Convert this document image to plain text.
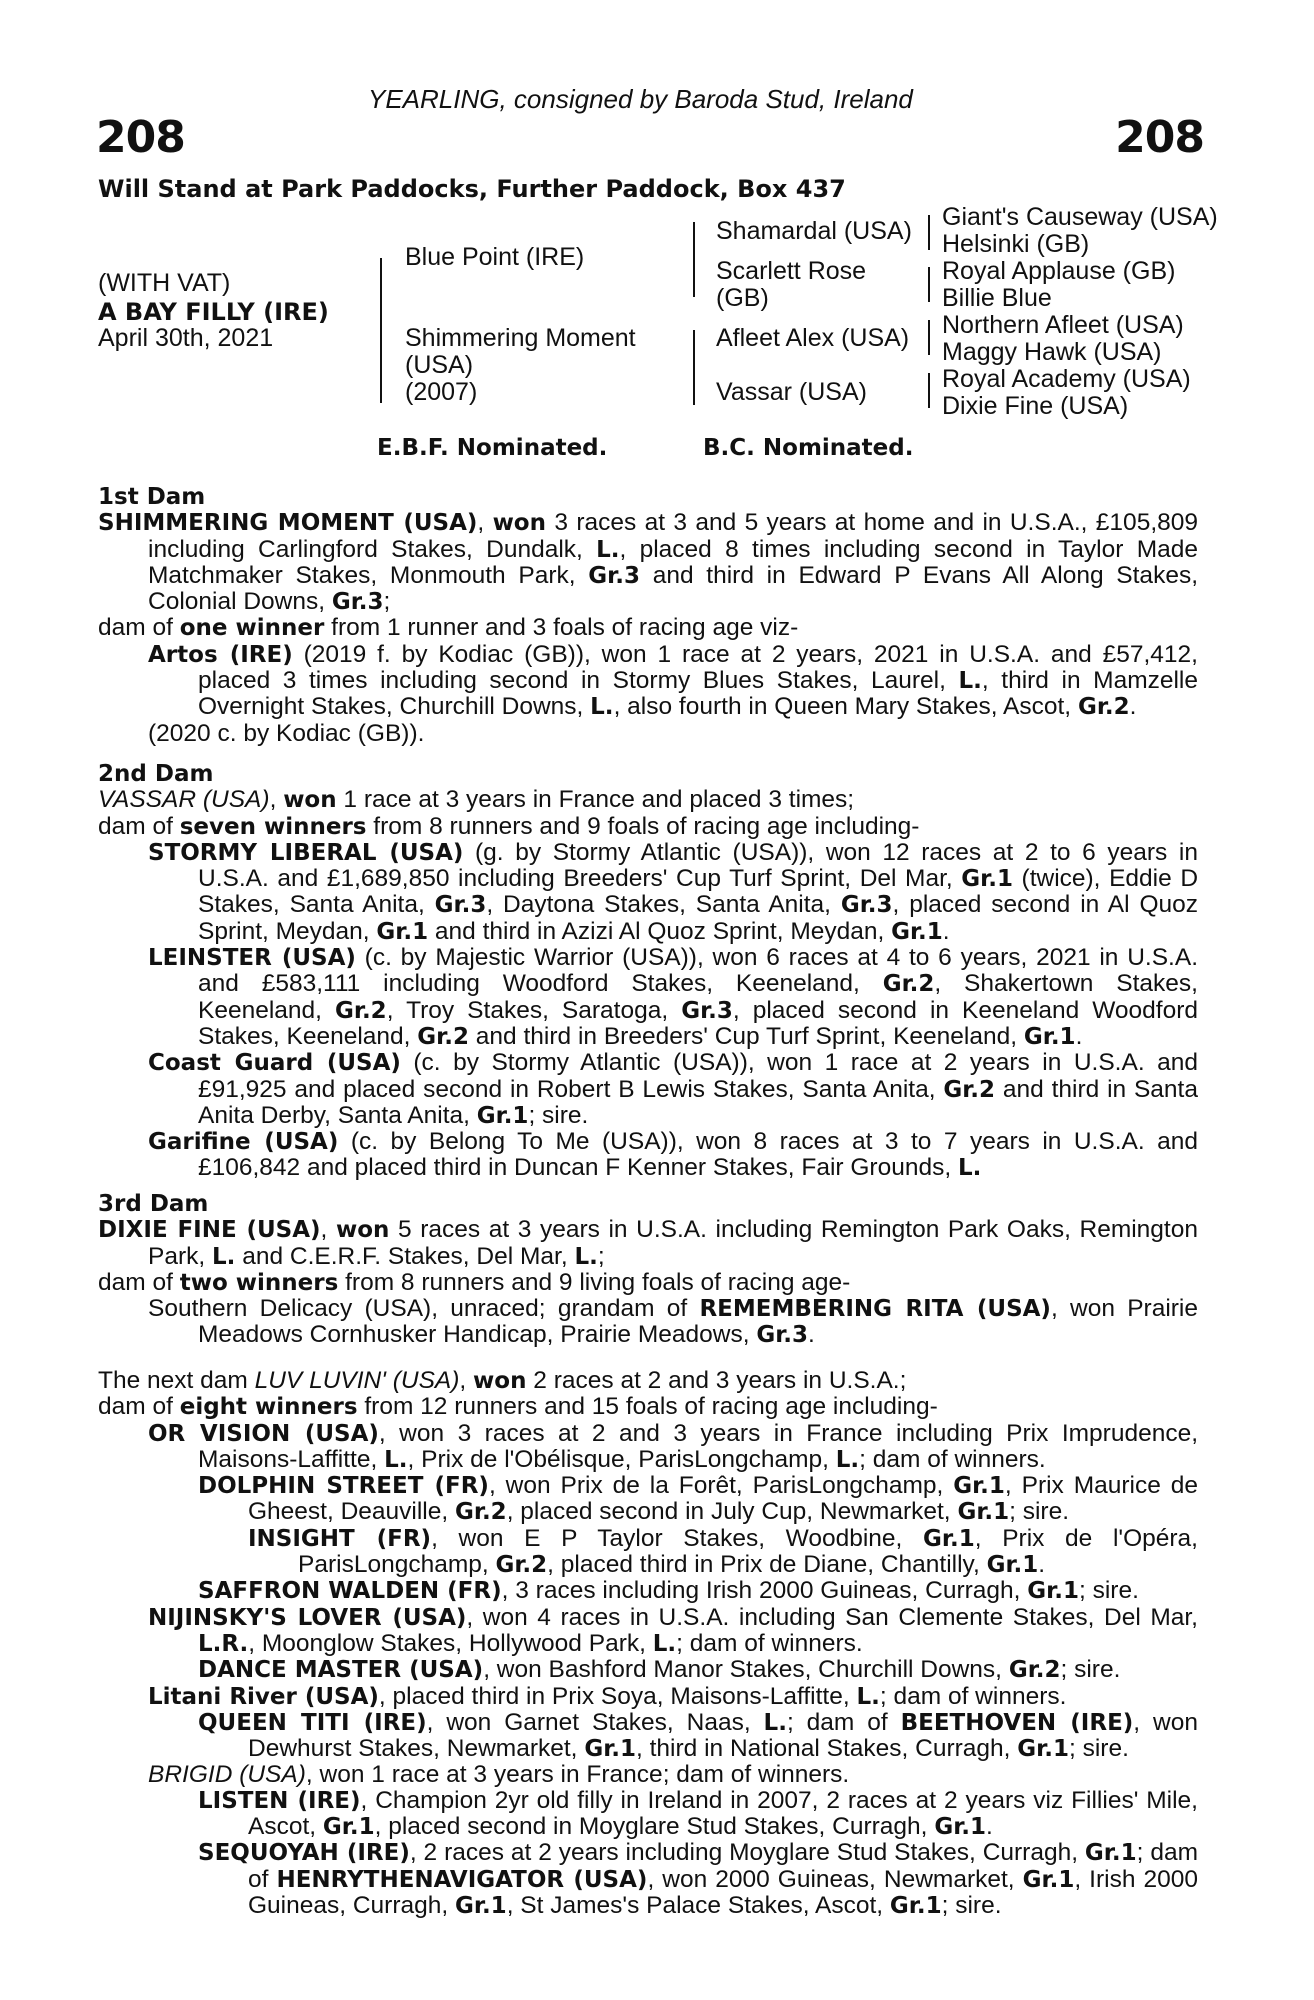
YEARLING, consigned by Baroda Stud, Ireland
208	208
Will Stand at Park Paddocks, Further Paddock, Box 437
(WITH VAT)
A BAY FILLY (IRE)
April 30th, 2021
Blue Point (IRE)
Shimmering Moment
(USA)
(2007)
Shamardal (USA)
Scarlett Rose
(GB)
Afleet Alex (USA)
Vassar (USA)
Giant's Causeway (USA)
Helsinki (GB)
Royal Applause (GB)
Billie Blue
Northern Afleet (USA)
Maggy Hawk (USA)
Royal Academy (USA)
Dixie Fine (USA)
E.B.F. Nominated.	B.C. Nominated.

1st Dam

SHIMMERING MOMENT (USA), won 3 races at 3 and 5 years at home and in U.S.A., £105,809 including Carlingford Stakes, Dundalk, L., placed 8 times including second in Taylor Made Matchmaker Stakes, Monmouth Park, Gr.3 and third in Edward P Evans All Along Stakes, Colonial Downs, Gr.3;

dam of one winner from 1 runner and 3 foals of racing age viz-

Artos (IRE) (2019 f. by Kodiac (GB)), won 1 race at 2 years, 2021 in U.S.A. and £57,412, placed 3 times including second in Stormy Blues Stakes, Laurel, L., third in Mamzelle Overnight Stakes, Churchill Downs, L., also fourth in Queen Mary Stakes, Ascot, Gr.2.

(2020 c. by Kodiac (GB)).

2nd Dam

VASSAR (USA), won 1 race at 3 years in France and placed 3 times;

dam of seven winners from 8 runners and 9 foals of racing age including-

STORMY LIBERAL (USA) (g. by Stormy Atlantic (USA)), won 12 races at 2 to 6 years in U.S.A. and £1,689,850 including Breeders' Cup Turf Sprint, Del Mar, Gr.1 (twice), Eddie D Stakes, Santa Anita, Gr.3, Daytona Stakes, Santa Anita, Gr.3, placed second in Al Quoz Sprint, Meydan, Gr.1 and third in Azizi Al Quoz Sprint, Meydan, Gr.1.

LEINSTER (USA) (c. by Majestic Warrior (USA)), won 6 races at 4 to 6 years, 2021 in U.S.A. and £583,111 including Woodford Stakes, Keeneland, Gr.2, Shakertown Stakes, Keeneland, Gr.2, Troy Stakes, Saratoga, Gr.3, placed second in Keeneland Woodford Stakes, Keeneland, Gr.2 and third in Breeders' Cup Turf Sprint, Keeneland, Gr.1.

Coast Guard (USA) (c. by Stormy Atlantic (USA)), won 1 race at 2 years in U.S.A. and £91,925 and placed second in Robert B Lewis Stakes, Santa Anita, Gr.2 and third in Santa Anita Derby, Santa Anita, Gr.1; sire.

Garifine (USA) (c. by Belong To Me (USA)), won 8 races at 3 to 7 years in U.S.A. and £106,842 and placed third in Duncan F Kenner Stakes, Fair Grounds, L.

3rd Dam

DIXIE FINE (USA), won 5 races at 3 years in U.S.A. including Remington Park Oaks, Remington Park, L. and C.E.R.F. Stakes, Del Mar, L.;

dam of two winners from 8 runners and 9 living foals of racing age-

Southern Delicacy (USA), unraced; grandam of REMEMBERING RITA (USA), won Prairie Meadows Cornhusker Handicap, Prairie Meadows, Gr.3.

The next dam LUV LUVIN' (USA), won 2 races at 2 and 3 years in U.S.A.;

dam of eight winners from 12 runners and 15 foals of racing age including-

OR VISION (USA), won 3 races at 2 and 3 years in France including Prix Imprudence, Maisons-Laffitte, L., Prix de l'Obélisque, ParisLongchamp, L.; dam of winners.

DOLPHIN STREET (FR), won Prix de la Forêt, ParisLongchamp, Gr.1, Prix Maurice de Gheest, Deauville, Gr.2, placed second in July Cup, Newmarket, Gr.1; sire.

INSIGHT (FR), won E P Taylor Stakes, Woodbine, Gr.1, Prix de l'Opéra, ParisLongchamp, Gr.2, placed third in Prix de Diane, Chantilly, Gr.1.

SAFFRON WALDEN (FR), 3 races including Irish 2000 Guineas, Curragh, Gr.1; sire.

NIJINSKY'S LOVER (USA), won 4 races in U.S.A. including San Clemente Stakes, Del Mar, L.R., Moonglow Stakes, Hollywood Park, L.; dam of winners.

DANCE MASTER (USA), won Bashford Manor Stakes, Churchill Downs, Gr.2; sire.

Litani River (USA), placed third in Prix Soya, Maisons-Laffitte, L.; dam of winners.

QUEEN TITI (IRE), won Garnet Stakes, Naas, L.; dam of BEETHOVEN (IRE), won Dewhurst Stakes, Newmarket, Gr.1, third in National Stakes, Curragh, Gr.1; sire.

BRIGID (USA), won 1 race at 3 years in France; dam of winners.

LISTEN (IRE), Champion 2yr old filly in Ireland in 2007, 2 races at 2 years viz Fillies' Mile, Ascot, Gr.1, placed second in Moyglare Stud Stakes, Curragh, Gr.1.

SEQUOYAH (IRE), 2 races at 2 years including Moyglare Stud Stakes, Curragh, Gr.1; dam of HENRYTHENAVIGATOR (USA), won 2000 Guineas, Newmarket, Gr.1, Irish 2000 Guineas, Curragh, Gr.1, St James's Palace Stakes, Ascot, Gr.1; sire.
